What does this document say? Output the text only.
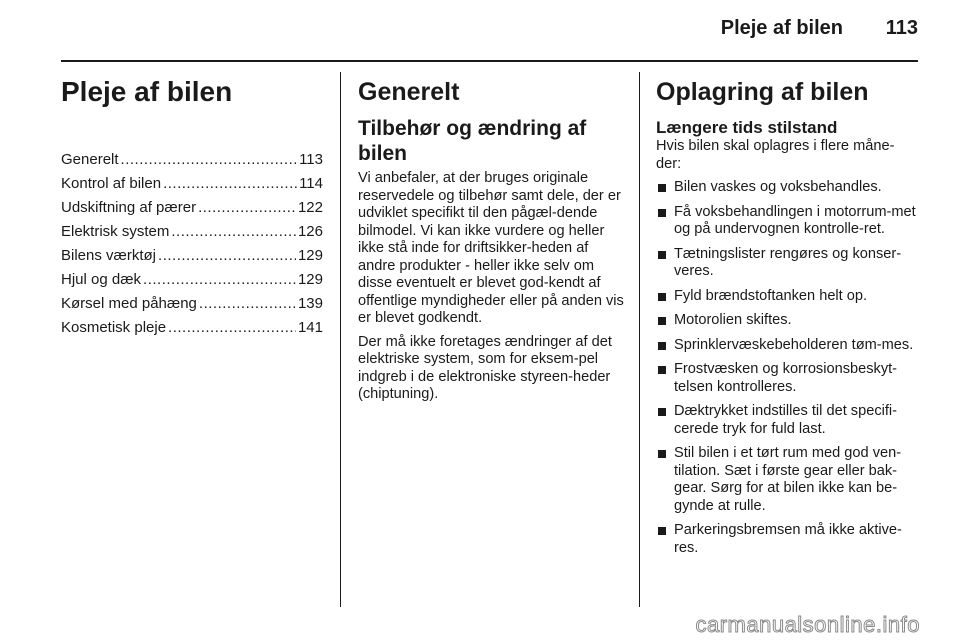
Pleje af bilen 113
Pleje af bilen
Generelt .....	113
Kontrol af bilen .....	114
Udskiftning af pærer .....	122
Elektrisk system .....	126
Bilens værktøj .....	129
Hjul og dæk .....	129
Kørsel med påhæng .....	139
Kosmetisk pleje .....	141
Generelt
Tilbehør og ændring af bilen

Vi anbefaler, at der bruges originale reservedele og tilbehør samt dele, der er udviklet specifikt til den pågæl-dende bilmodel. Vi kan ikke vurdere og heller ikke stå inde for driftsikker-heden af andre produkter - heller ikke selv om disse eventuelt er blevet god-kendt af offentlige myndigheder eller på anden vis er blevet godkendt.

Der må ikke foretages ændringer af det elektriske system, som for eksem-pel indgreb i de elektroniske styreen-heder (chiptuning).

Oplagring af bilen
Længere tids stilstand

Hvis bilen skal oplagres i flere måne-der:

Bilen vaskes og voksbehandles.
Få voksbehandlingen i motorrum-met og på undervognen kontrolle-ret.
Tætningslister rengøres og konser-veres.
Fyld brændstoftanken helt op.
Motorolien skiftes.
Sprinklervæskebeholderen tøm-mes.
Frostvæsken og korrosionsbeskyt-telsen kontrolleres.
Dæktrykket indstilles til det specifi-cerede tryk for fuld last.
Stil bilen i et tørt rum med god ven-tilation. Sæt i første gear eller bak-gear. Sørg for at bilen ikke kan be-gynde at rulle.
Parkeringsbremsen må ikke aktive-res.
carmanualsonline.info
